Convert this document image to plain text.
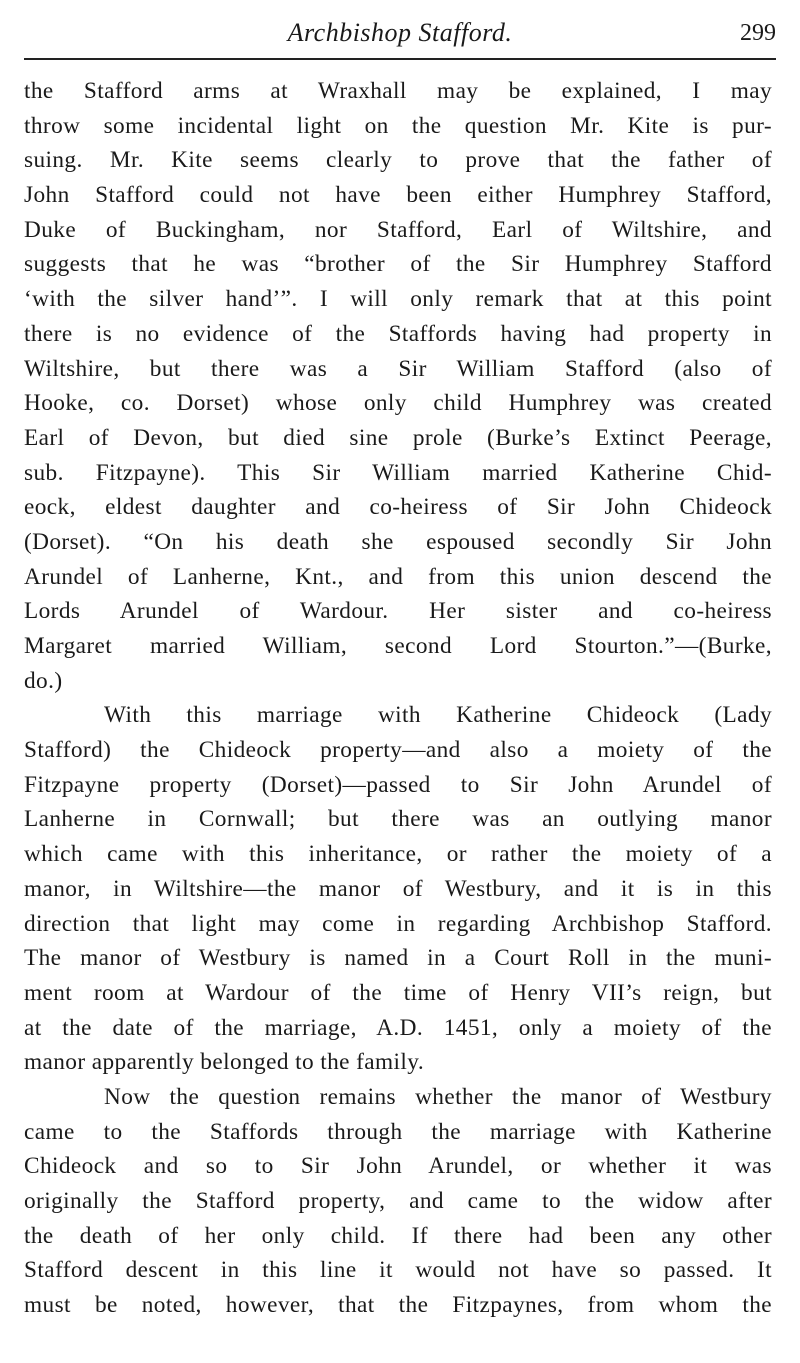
Archbishop Stafford.	299
the Stafford arms at Wraxhall may be explained, I may
throw some incidental light on the question Mr. Kite is pur-
suing. Mr. Kite seems clearly to prove that the father of
John Stafford could not have been either Humphrey Stafford,
Duke of Buckingham, nor Stafford, Earl of Wiltshire, and
suggests that he was “brother of the Sir Humphrey Stafford
‘with the silver hand’”. I will only remark that at this point
there is no evidence of the Staffords having had property in
Wiltshire, but there was a Sir William Stafford (also of
Hooke, co. Dorset) whose only child Humphrey was created
Earl of Devon, but died sine prole (Burke’s Extinct Peerage,
sub. Fitzpayne). This Sir William married Katherine Chid-
eock, eldest daughter and co-heiress of Sir John Chideock
(Dorset). “On his death she espoused secondly Sir John
Arundel of Lanherne, Knt., and from this union descend the
Lords Arundel of Wardour. Her sister and co-heiress
Margaret married William, second Lord Stourton.”—(Burke,
do.)
With this marriage with Katherine Chideock (Lady
Stafford) the Chideock property—and also a moiety of the
Fitzpayne property (Dorset)—passed to Sir John Arundel of
Lanherne in Cornwall; but there was an outlying manor
which came with this inheritance, or rather the moiety of a
manor, in Wiltshire—the manor of Westbury, and it is in this
direction that light may come in regarding Archbishop Stafford.
The manor of Westbury is named in a Court Roll in the muni-
ment room at Wardour of the time of Henry VII’s reign, but
at the date of the marriage, A.D. 1451, only a moiety of the
manor apparently belonged to the family.
Now the question remains whether the manor of Westbury
came to the Staffords through the marriage with Katherine
Chideock and so to Sir John Arundel, or whether it was
originally the Stafford property, and came to the widow after
the death of her only child. If there had been any other
Stafford descent in this line it would not have so passed. It
must be noted, however, that the Fitzpaynes, from whom the
